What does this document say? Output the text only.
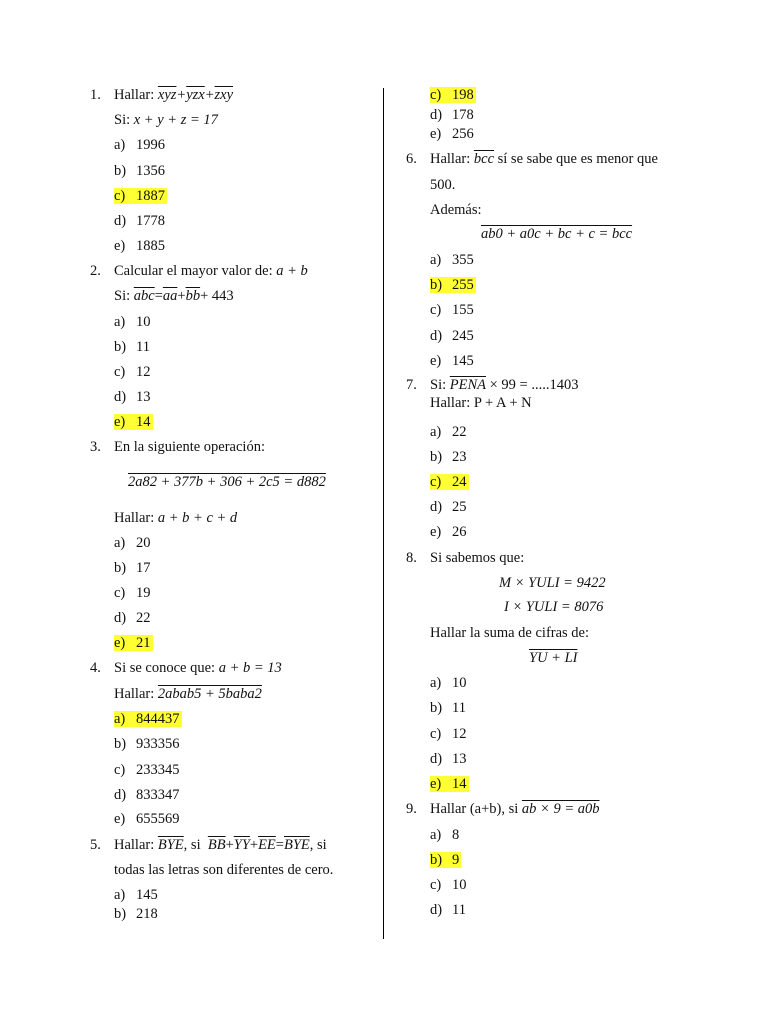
1. Hallar: $\overline{xyz}+\overline{yzx}+\overline{zxy}$
Si: x + y + z = 17
a) 1996
b) 1356
c) 1887
d) 1778
e) 1885
2. Calcular el mayor valor de: a + b
Si: $\overline{abc}=\overline{aa}+\overline{bb}+ 443$
a) 10
b) 11
c) 12
d) 13
e) 14
3. En la siguiente operación:
2a82 + 377b + 306 + 2c5 = d882
Hallar: a + b + c + d
a) 20
b) 17
c) 19
d) 22
e) 21
4. Si se conoce que: a + b = 13
Hallar: 2abab5 + 5baba2
a) 844437
b) 933356
c) 233345
d) 833347
e) 655569
5. Hallar: $\overline{BYE}$, si $\overline{BB}+\overline{YY}+\overline{EE}=\overline{BYE}$, si
todas las letras son diferentes de cero.
a) 145
b) 218
c) 198
d) 178
e) 256
6. Hallar: $\overline{bcc}$ sí se sabe que es menor que
500.
Además:
ab0 + a0c + bc + c = bcc
a) 355
b) 255
c) 155
d) 245
e) 145
7. Si: PENA × 99 = .....1403
Hallar: P + A + N
a) 22
b) 23
c) 24
d) 25
e) 26
8. Si sabemos que:
M × YULI = 9422
I × YULI = 8076
Hallar la suma de cifras de:
YU + LI
a) 10
b) 11
c) 12
d) 13
e) 14
9. Hallar (a+b), si ab × 9 = a0b
a) 8
b) 9
c) 10
d) 11
